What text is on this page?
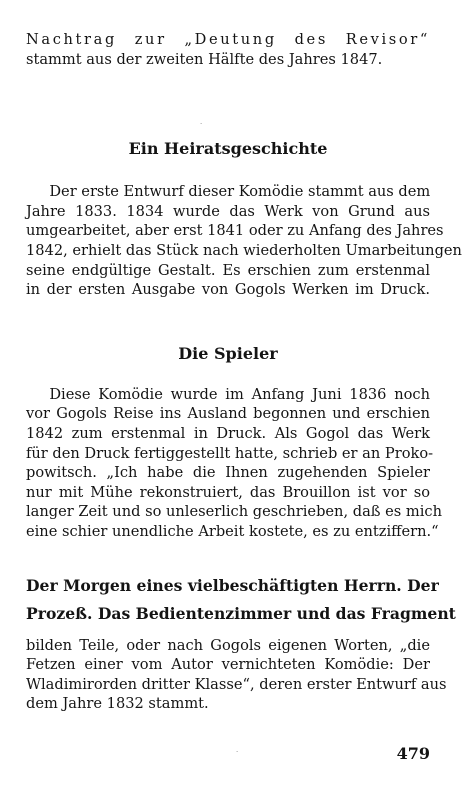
Nachtrag zur „Deutung des Revisor“
stammt aus der zweiten Hälfte des Jahres 1847.

Ein Heiratsgeschichte

Der erste Entwurf dieser Komödie stammt aus dem
Jahre 1833. 1834 wurde das Werk von Grund aus
umgearbeitet, aber erst 1841 oder zu Anfang des Jahres
1842, erhielt das Stück nach wiederholten Umarbeitungen
seine endgültige Gestalt. Es erschien zum erstenmal
in der ersten Ausgabe von Gogols Werken im Druck.

Die Spieler

Diese Komödie wurde im Anfang Juni 1836 noch
vor Gogols Reise ins Ausland begonnen und erschien
1842 zum erstenmal in Druck. Als Gogol das Werk
für den Druck fertiggestellt hatte, schrieb er an Proko-
powitsch. „Ich habe die Ihnen zugehenden Spieler
nur mit Mühe rekonstruiert, das Brouillon ist vor so
langer Zeit und so unleserlich geschrieben, daß es mich
eine schier unendliche Arbeit kostete, es zu entziffern.“

Der Morgen eines vielbeschäftigten Herrn. Der
Prozeß. Das Bedientenzimmer und das Fragment

bilden Teile, oder nach Gogols eigenen Worten, „die
Fetzen einer vom Autor vernichteten Komödie: Der
Wladimirorden dritter Klasse“, deren erster Entwurf aus
dem Jahre 1832 stammt.

·
·	479
